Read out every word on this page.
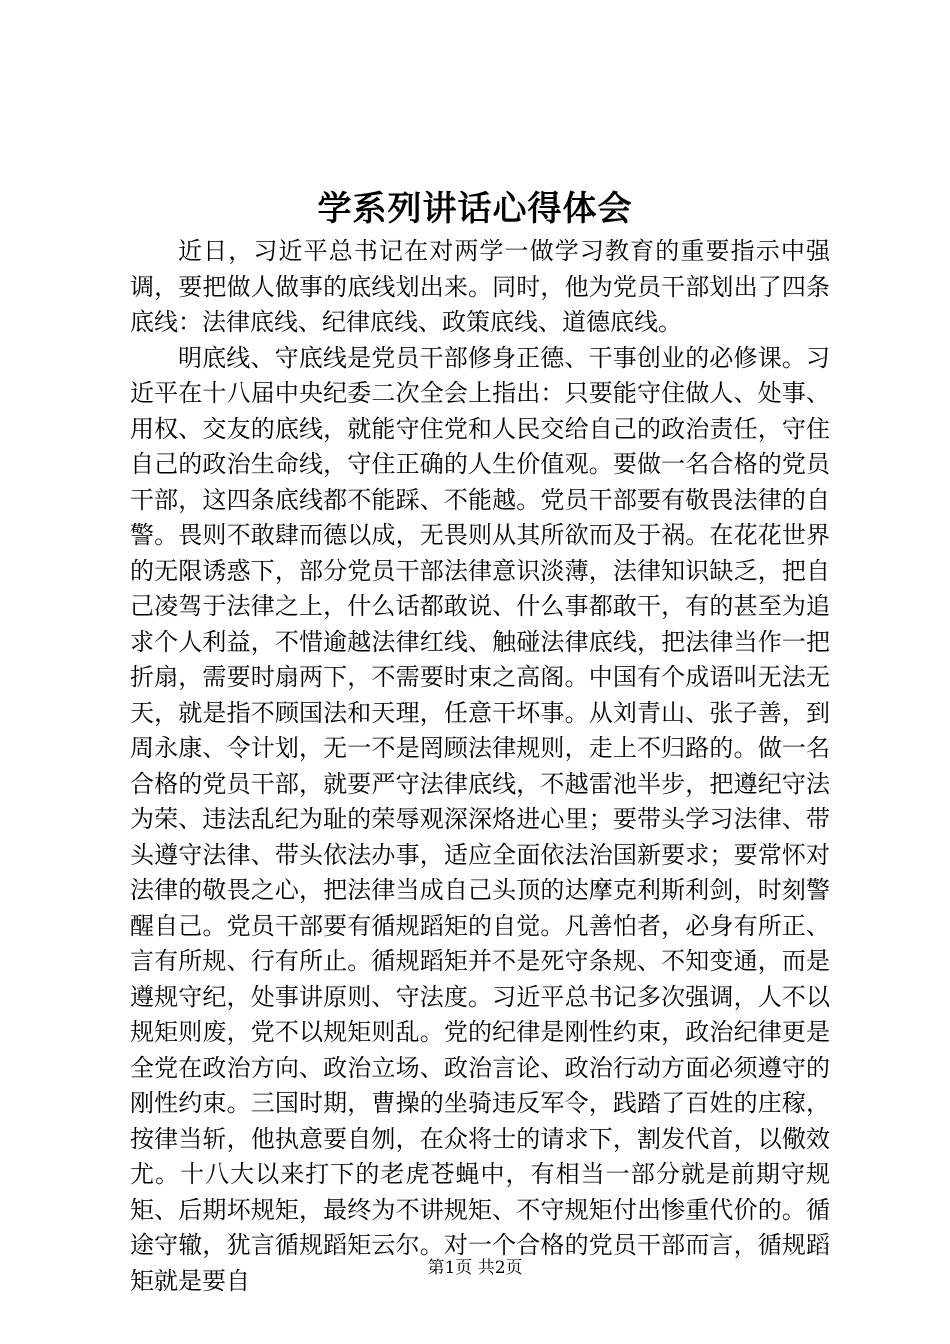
学系列讲话心得体会

近日，习近平总书记在对两学一做学习教育的重要指示中强调，要把做人做事的底线划出来。同时，他为党员干部划出了四条底线：法律底线、纪律底线、政策底线、道德底线。

明底线、守底线是党员干部修身正德、干事创业的必修课。习近平在十八届中央纪委二次全会上指出：只要能守住做人、处事、用权、交友的底线，就能守住党和人民交给自己的政治责任，守住自己的政治生命线，守住正确的人生价值观。要做一名合格的党员干部，这四条底线都不能踩、不能越。党员干部要有敬畏法律的自警。畏则不敢肆而德以成，无畏则从其所欲而及于祸。在花花世界的无限诱惑下，部分党员干部法律意识淡薄，法律知识缺乏，把自己凌驾于法律之上，什么话都敢说、什么事都敢干，有的甚至为追求个人利益，不惜逾越法律红线、触碰法律底线，把法律当作一把折扇，需要时扇两下，不需要时束之高阁。中国有个成语叫无法无天，就是指不顾国法和天理，任意干坏事。从刘青山、张子善，到周永康、令计划，无一不是罔顾法律规则，走上不归路的。做一名合格的党员干部，就要严守法律底线，不越雷池半步，把遵纪守法为荣、违法乱纪为耻的荣辱观深深烙进心里；要带头学习法律、带头遵守法律、带头依法办事，适应全面依法治国新要求；要常怀对法律的敬畏之心，把法律当成自己头顶的达摩克利斯利剑，时刻警醒自己。党员干部要有循规蹈矩的自觉。凡善怕者，必身有所正、言有所规、行有所止。循规蹈矩并不是死守条规、不知变通，而是遵规守纪，处事讲原则、守法度。习近平总书记多次强调，人不以规矩则废，党不以规矩则乱。党的纪律是刚性约束，政治纪律更是全党在政治方向、政治立场、政治言论、政治行动方面必须遵守的刚性约束。三国时期，曹操的坐骑违反军令，践踏了百姓的庄稼，按律当斩，他执意要自刎，在众将士的请求下，割发代首，以儆效尤。十八大以来打下的老虎苍蝇中，有相当一部分就是前期守规矩、后期坏规矩，最终为不讲规矩、不守规矩付出惨重代价的。循途守辙，犹言循规蹈矩云尔。对一个合格的党员干部而言，循规蹈矩就是要自	第1页 共2页
